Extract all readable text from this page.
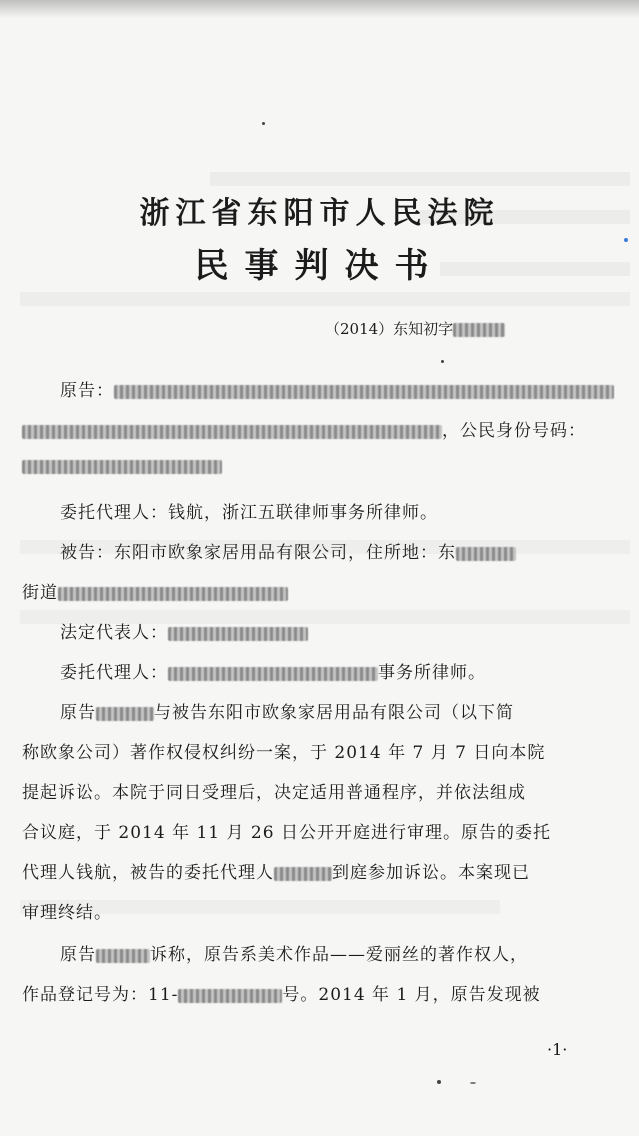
浙江省东阳市人民法院
民事判决书
（2014）东知初字
原告：
，公民身份号码：
委托代理人：钱航，浙江五联律师事务所律师。
被告：东阳市欧象家居用品有限公司，住所地：东
街道
法定代表人：
委托代理人：	事务所律师。
原告	与被告东阳市欧象家居用品有限公司（以下简
称欧象公司）著作权侵权纠纷一案，于 2014 年 7 月 7 日向本院
提起诉讼。本院于同日受理后，决定适用普通程序，并依法组成
合议庭，于 2014 年 11 月 26 日公开开庭进行审理。原告的委托
代理人钱航，被告的委托代理人	到庭参加诉讼。本案现已
审理终结。
原告	诉称，原告系美术作品——爱丽丝的著作权人，
作品登记号为：11-	号。2014 年 1 月，原告发现被
·1·
